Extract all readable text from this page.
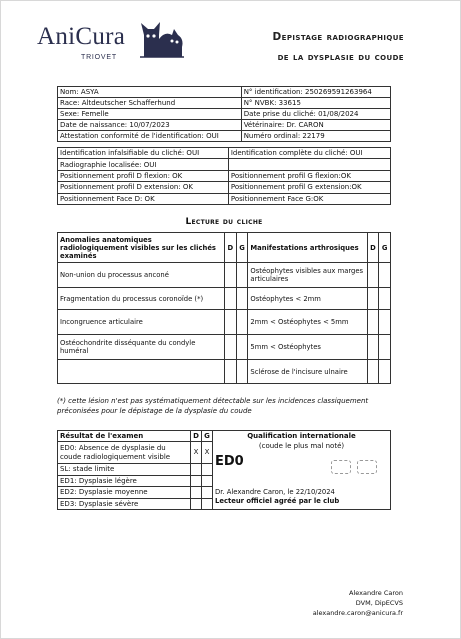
AniCura
TRIOVET
Depistage radiographique
de la dysplasie du coude
Nom: ASYA	N° identification: 250269591263964
Race: Altdeutscher Schafferhund	N° NVBK: 33615
Sexe: Femelle	Date prise du cliché: 01/08/2024
Date de naissance: 10/07/2023	Vétérinaire: Dr. CARON
Attestation conformité de l'identification: OUI	Numéro ordinal: 22179
Identification infalsifiable du cliché: OUI	Identification complète du cliché: OUI
Radiographie localisée: OUI	
Positionnement profil D flexion: OK	Positionnement profil G flexion:OK
Positionnement profil D extension: OK	Positionnement profil G extension:OK
Positionnement Face D: OK	Positionnement Face G:OK
Lecture du cliche
Anomalies anatomiques radiologiquement visibles sur les clichés examinés	D	G	Manifestations arthrosiques	D	G
Non-union du processus anconé			Ostéophytes visibles aux marges articulaires		
Fragmentation du processus coronoïde (*)			Ostéophytes < 2mm		
Incongruence articulaire			2mm < Ostéophytes < 5mm		
Ostéochondrite disséquante du condyle huméral			5mm < Ostéophytes		
			Sclérose de l'incisure ulnaire		
(*) cette lésion n'est pas systématiquement détectable sur les incidences classiquement préconisées pour le dépistage de la dysplasie du coude
Résultat de l'examen	D	G	Qualification internationale
(coude le plus mal noté)
ED0
Dr. Alexandre Caron, le 22/10/2024
Lecteur officiel agréé par le club

ED0: Absence de dysplasie du coude radiologiquement visible	X	X	
SL: stade limite			
ED1: Dysplasie légère			
ED2: Dysplasie moyenne			
ED3: Dysplasie sévère			
Alexandre Caron
DVM, DipECVS
alexandre.caron@anicura.fr
